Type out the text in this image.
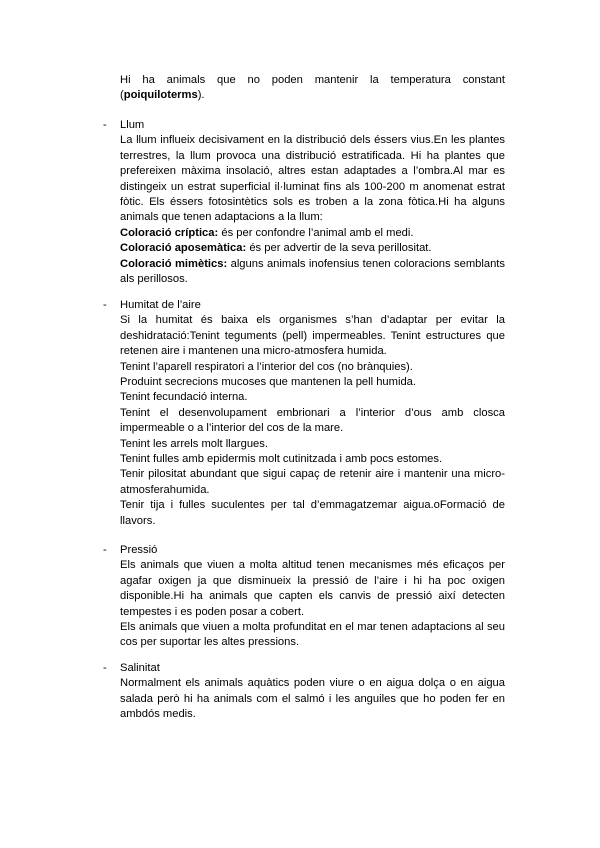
Hi ha animals que no poden mantenir la temperatura constant (poiquiloterms).
- Llum

La llum influeix decisivament en la distribució dels éssers vius.En les plantes terrestres, la llum provoca una distribució estratificada. Hi ha plantes que prefereixen màxima insolació, altres estan adaptades a l’ombra.Al mar es distingeix un estrat superficial il·luminat fins als 100-200 m anomenat estrat fòtic. Els éssers fotosintètics sols es troben a la zona fòtica.Hi ha alguns animals que tenen adaptacions a la llum:

Coloració críptica: és per confondre l’animal amb el medi.

Coloració aposemàtica: és per advertir de la seva perillositat.

Coloració mimètics: alguns animals inofensius tenen coloracions semblants als perillosos.

- Humitat de l’aire

Si la humitat és baixa els organismes s’han d’adaptar per evitar la deshidratació:Tenint teguments (pell) impermeables. Tenint estructures que retenen aire i mantenen una micro-atmosfera humida.

Tenint l’aparell respiratori a l’interior del cos (no brànquies).

Produint secrecions mucoses que mantenen la pell humida.

Tenint fecundació interna.

Tenint el desenvolupament embrionari a l’interior d’ous amb closca impermeable o a l’interior del cos de la mare.

Tenint les arrels molt llargues.

Tenint fulles amb epidermis molt cutinitzada i amb pocs estomes.

Tenir pilositat abundant que sigui capaç de retenir aire i mantenir una micro-atmosferahumida.

Tenir tija i fulles suculentes per tal d’emmagatzemar aigua.oFormació de llavors.

- Pressió

Els animals que viuen a molta altitud tenen mecanismes més eficaços per agafar oxigen ja que disminueix la pressió de l’aire i hi ha poc oxigen disponible.Hi ha animals que capten els canvis de pressió així detecten tempestes i es poden posar a cobert.

Els animals que viuen a molta profunditat en el mar tenen adaptacions al seu cos per suportar les altes pressions.

- Salinitat

Normalment els animals aquàtics poden viure o en aigua dolça o en aigua salada però hi ha animals com el salmó i les anguiles que ho poden fer en ambdós medis.
